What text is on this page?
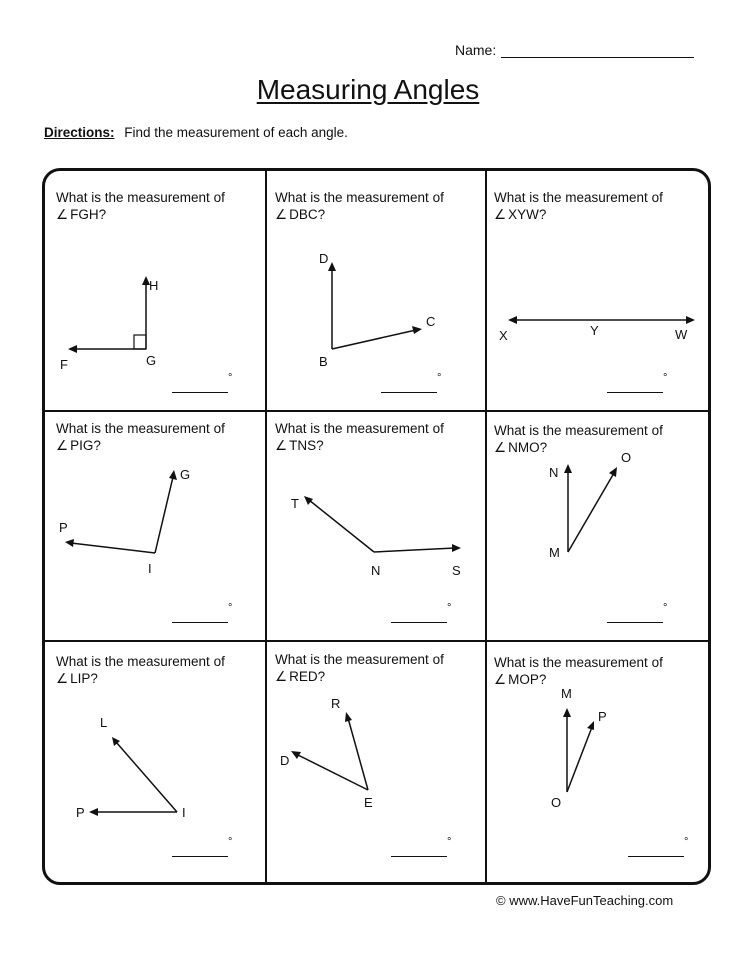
Name:
Measuring Angles
Directions: Find the measurement of each angle.
What is the measurement of
∠ FGH?
F	G
H
°
What is the measurement of
∠ DBC?
D
B
C
°
What is the measurement of
∠ XYW?
X	Y	W
°
What is the measurement of
∠ PIG?
P
I
G
°
What is the measurement of
∠ TNS?
T
N	S
°
What is the measurement of
∠ NMO?
N
M
O
°
What is the measurement of
∠ LIP?
L
I
P
°
What is the measurement of
∠ RED?
R
E
D
°
What is the measurement of
∠ MOP?
M
O
P
°
© www.HaveFunTeaching.com
